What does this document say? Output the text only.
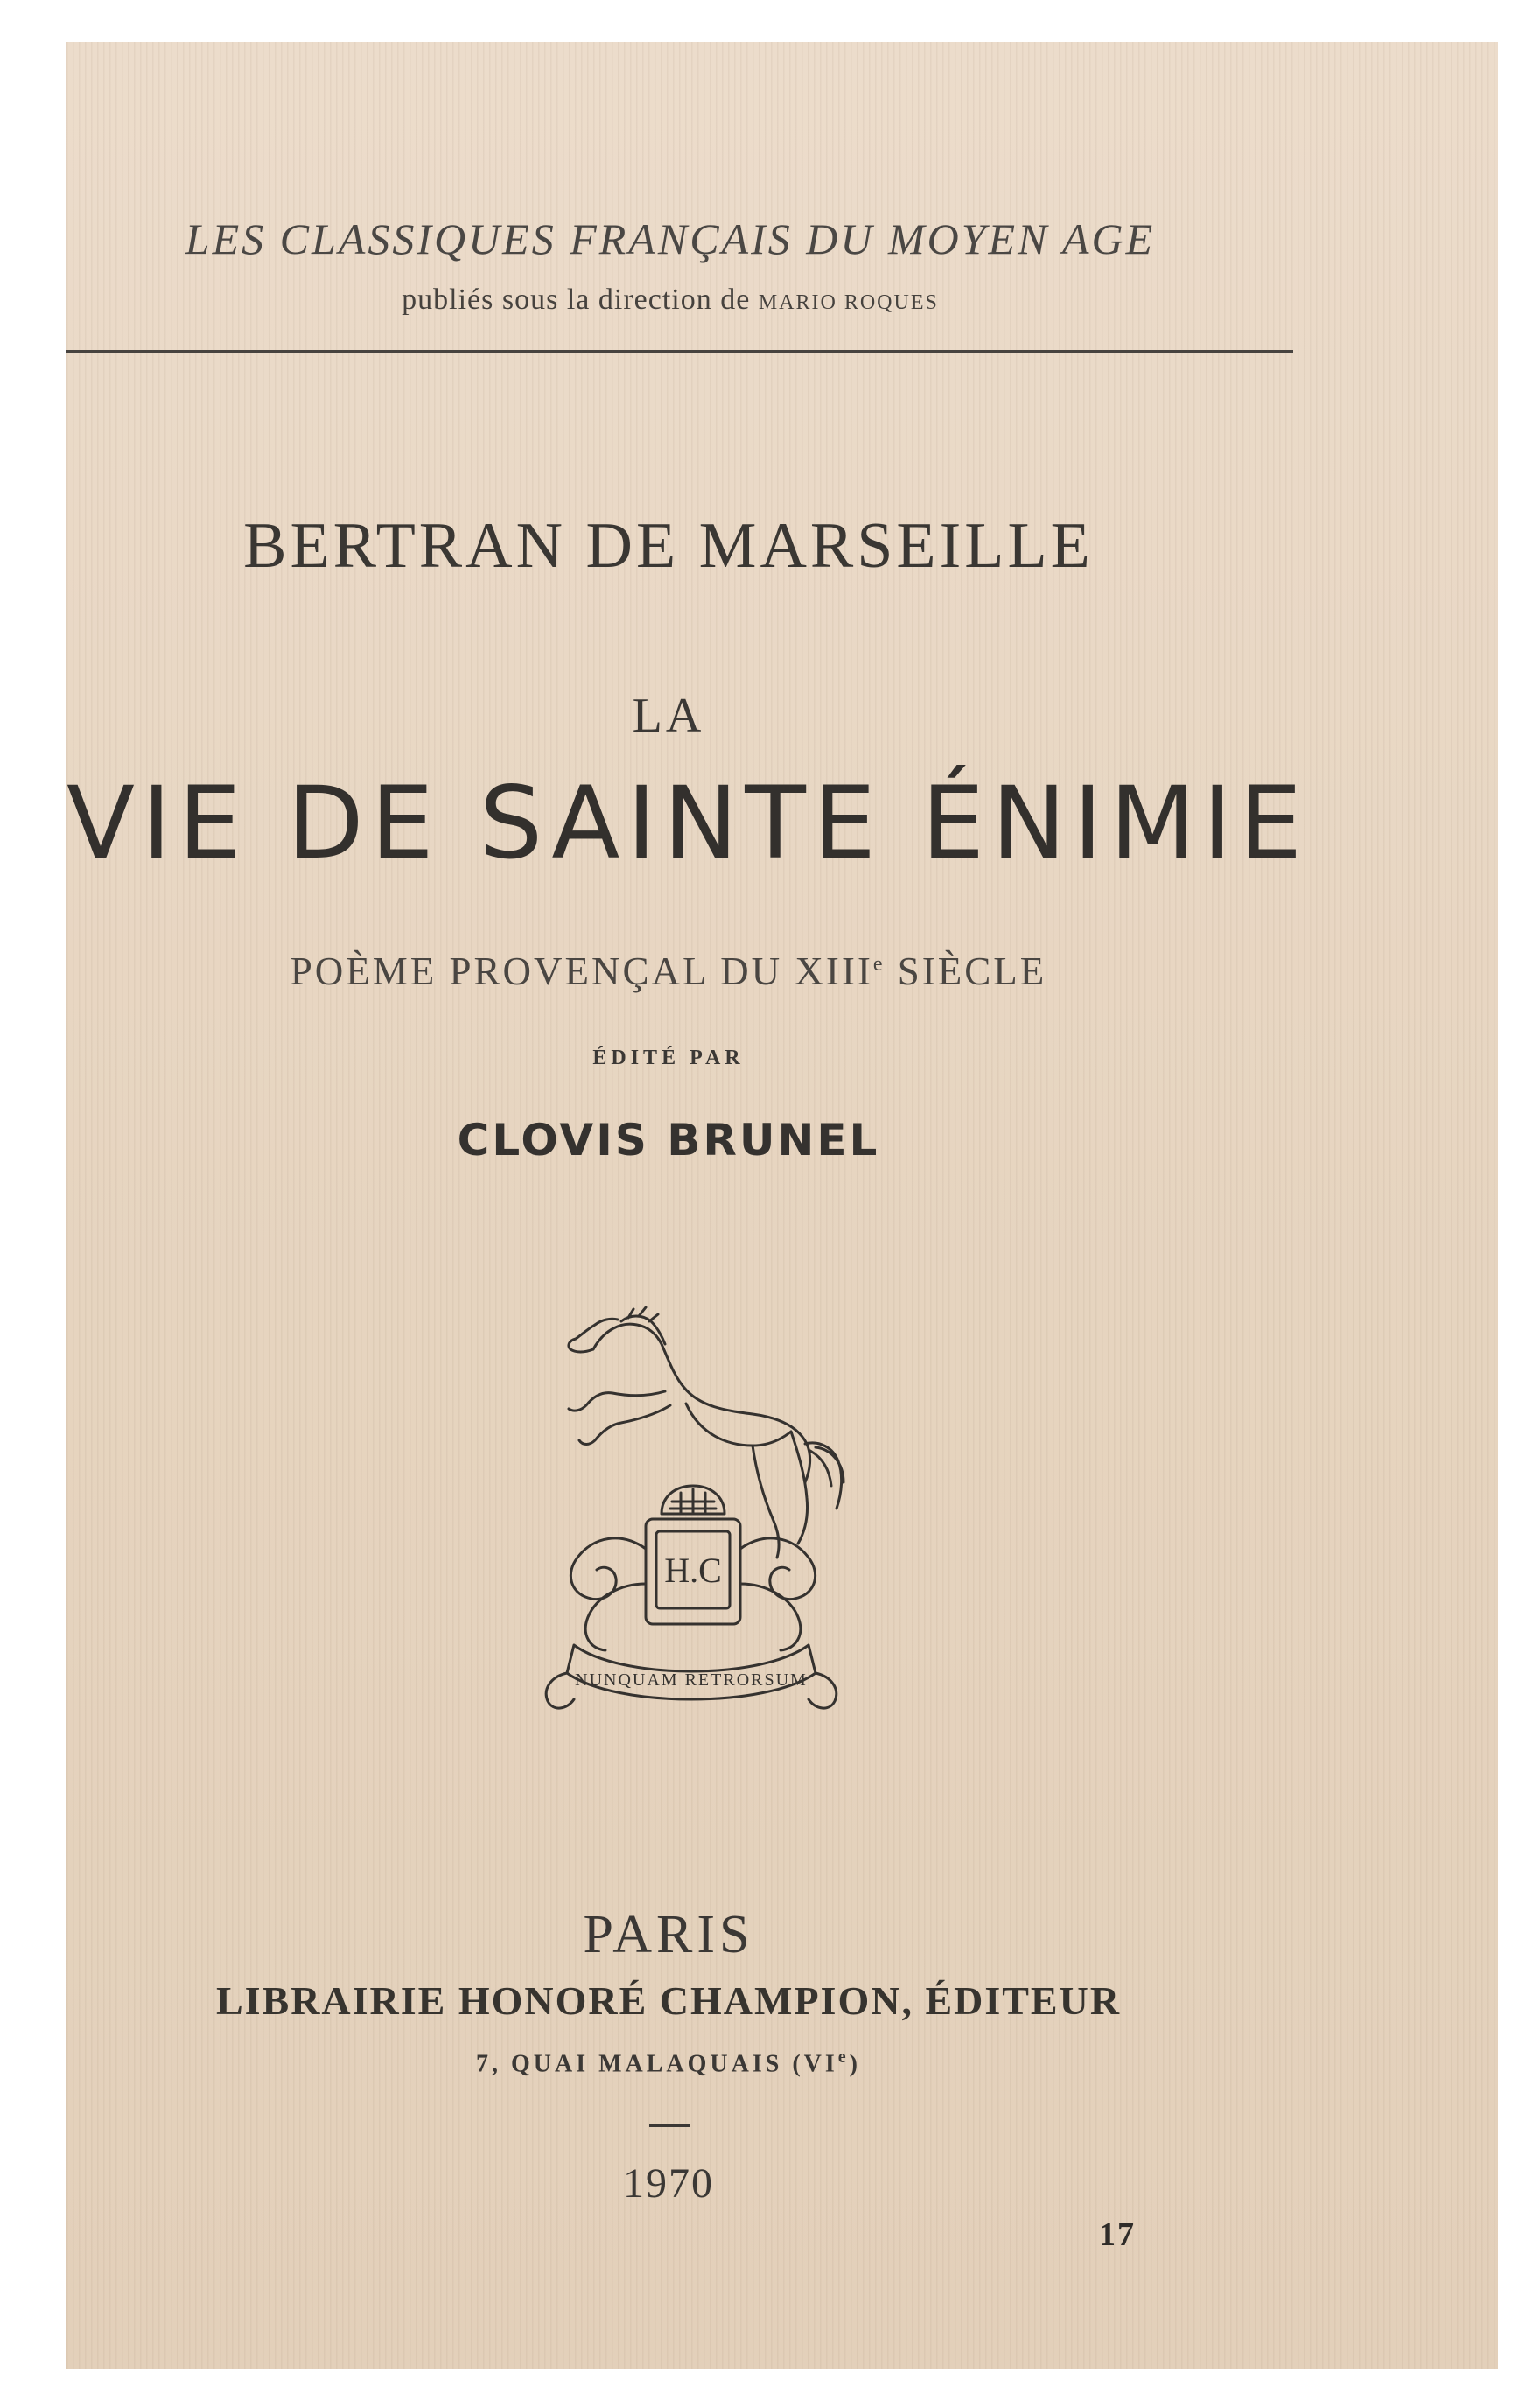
LES CLASSIQUES FRANÇAIS DU MOYEN AGE
publiés sous la direction de MARIO ROQUES
BERTRAN DE MARSEILLE
LA
VIE DE SAINTE ÉNIMIE
POÈME PROVENÇAL DU XIIIe SIÈCLE
ÉDITÉ PAR
CLOVIS BRUNEL
H.C
NUNQUAM RETRORSUM
PARIS
LIBRAIRIE HONORÉ CHAMPION, ÉDITEUR
7, QUAI MALAQUAIS (VIe)
1970
17
